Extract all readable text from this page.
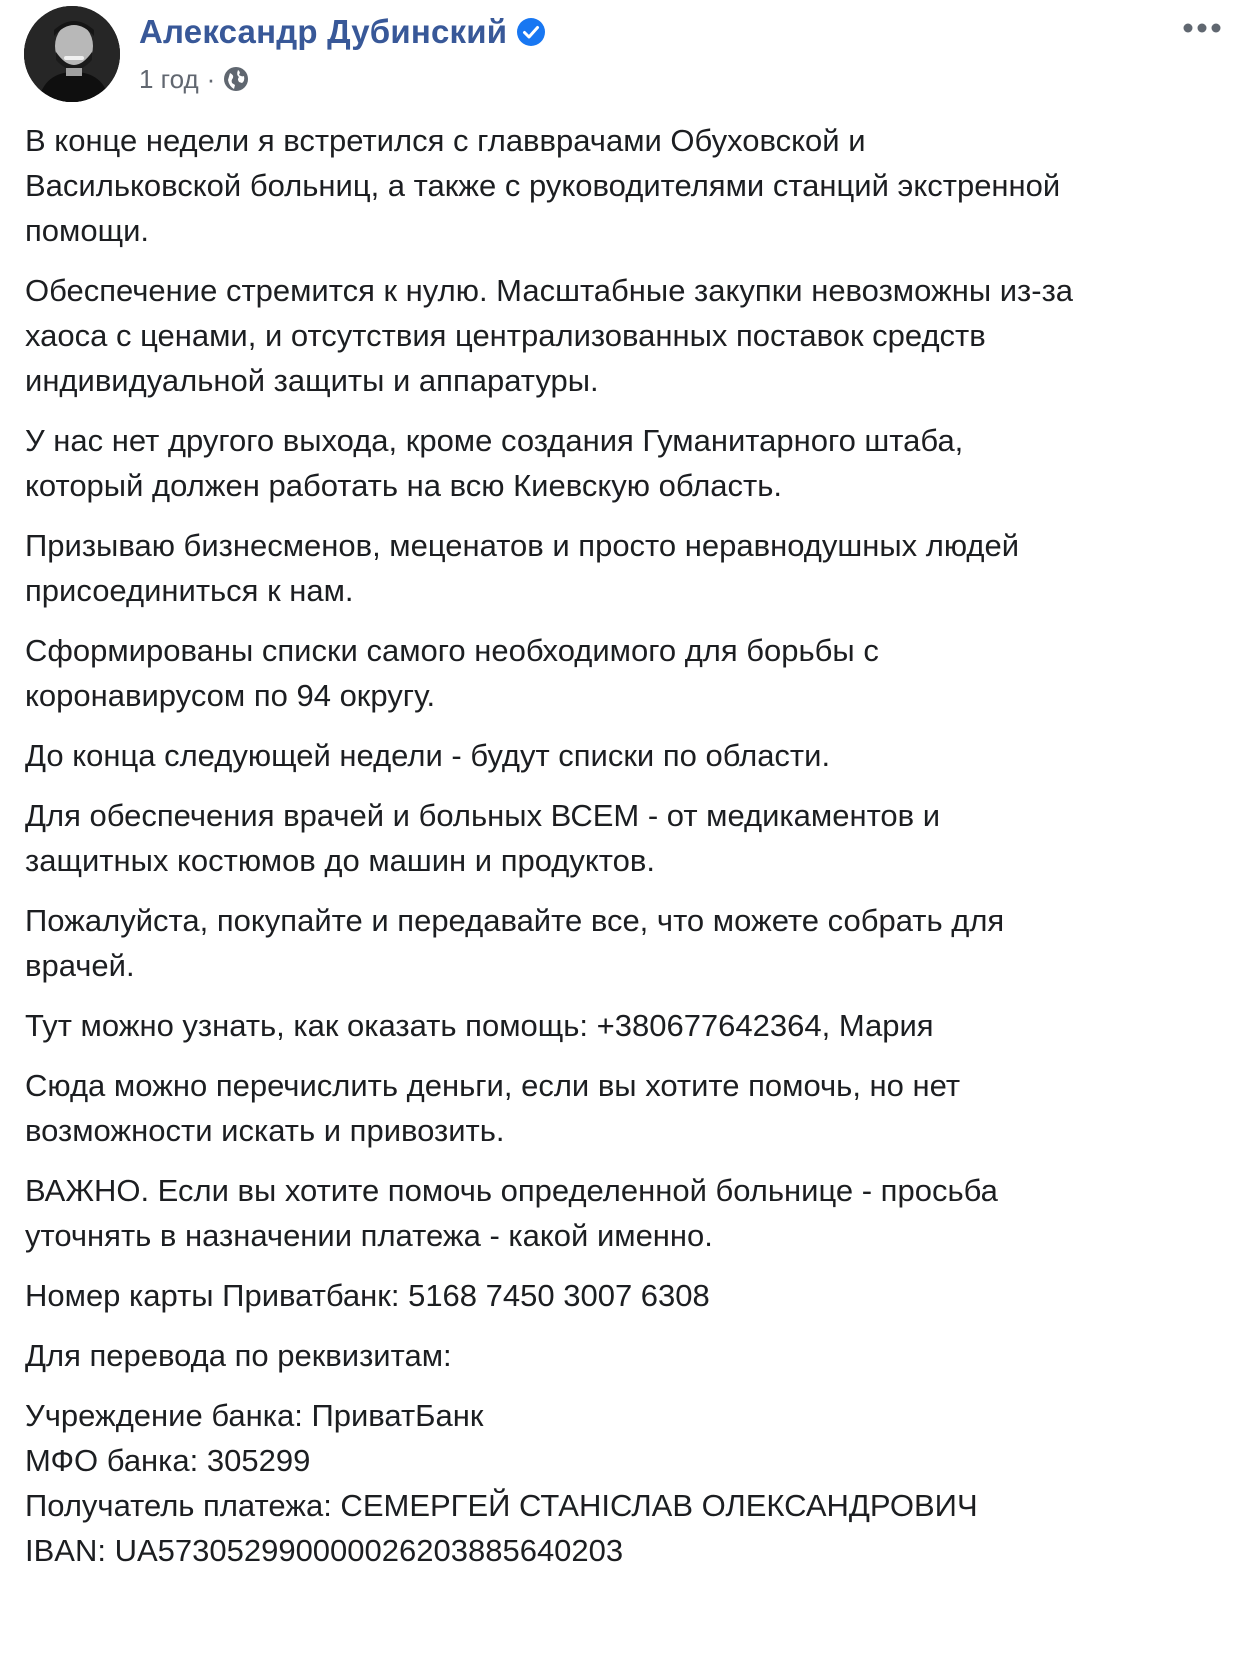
Александр Дубинский
1 год ·

В конце недели я встретился с главврачами Обуховской и
Васильковской больниц, а также с руководителями станций экстренной
помощи.

Обеспечение стремится к нулю. Масштабные закупки невозможны из-за
хаоса с ценами, и отсутствия централизованных поставок средств
индивидуальной защиты и аппаратуры.

У нас нет другого выхода, кроме создания Гуманитарного штаба,
который должен работать на всю Киевскую область.

Призываю бизнесменов, меценатов и просто неравнодушных людей
присоединиться к нам.

Сформированы списки самого необходимого для борьбы с
коронавирусом по 94 округу.

До конца следующей недели - будут списки по области.

Для обеспечения врачей и больных ВСЕМ - от медикаментов и
защитных костюмов до машин и продуктов.

Пожалуйста, покупайте и передавайте все, что можете собрать для
врачей.

Тут можно узнать, как оказать помощь: +380677642364, Мария

Сюда можно перечислить деньги, если вы хотите помочь, но нет
возможности искать и привозить.

ВАЖНО. Если вы хотите помочь определенной больнице - просьба
уточнять в назначении платежа - какой именно.

Номер карты Приватбанк: 5168 7450 3007 6308

Для перевода по реквизитам:

Учреждение банка: ПриватБанк
МФО банка: 305299
Получатель платежа: СЕМЕРГЕЙ СТАНІСЛАВ ОЛЕКСАНДРОВИЧ
IBAN: UA573052990000026203885640203
